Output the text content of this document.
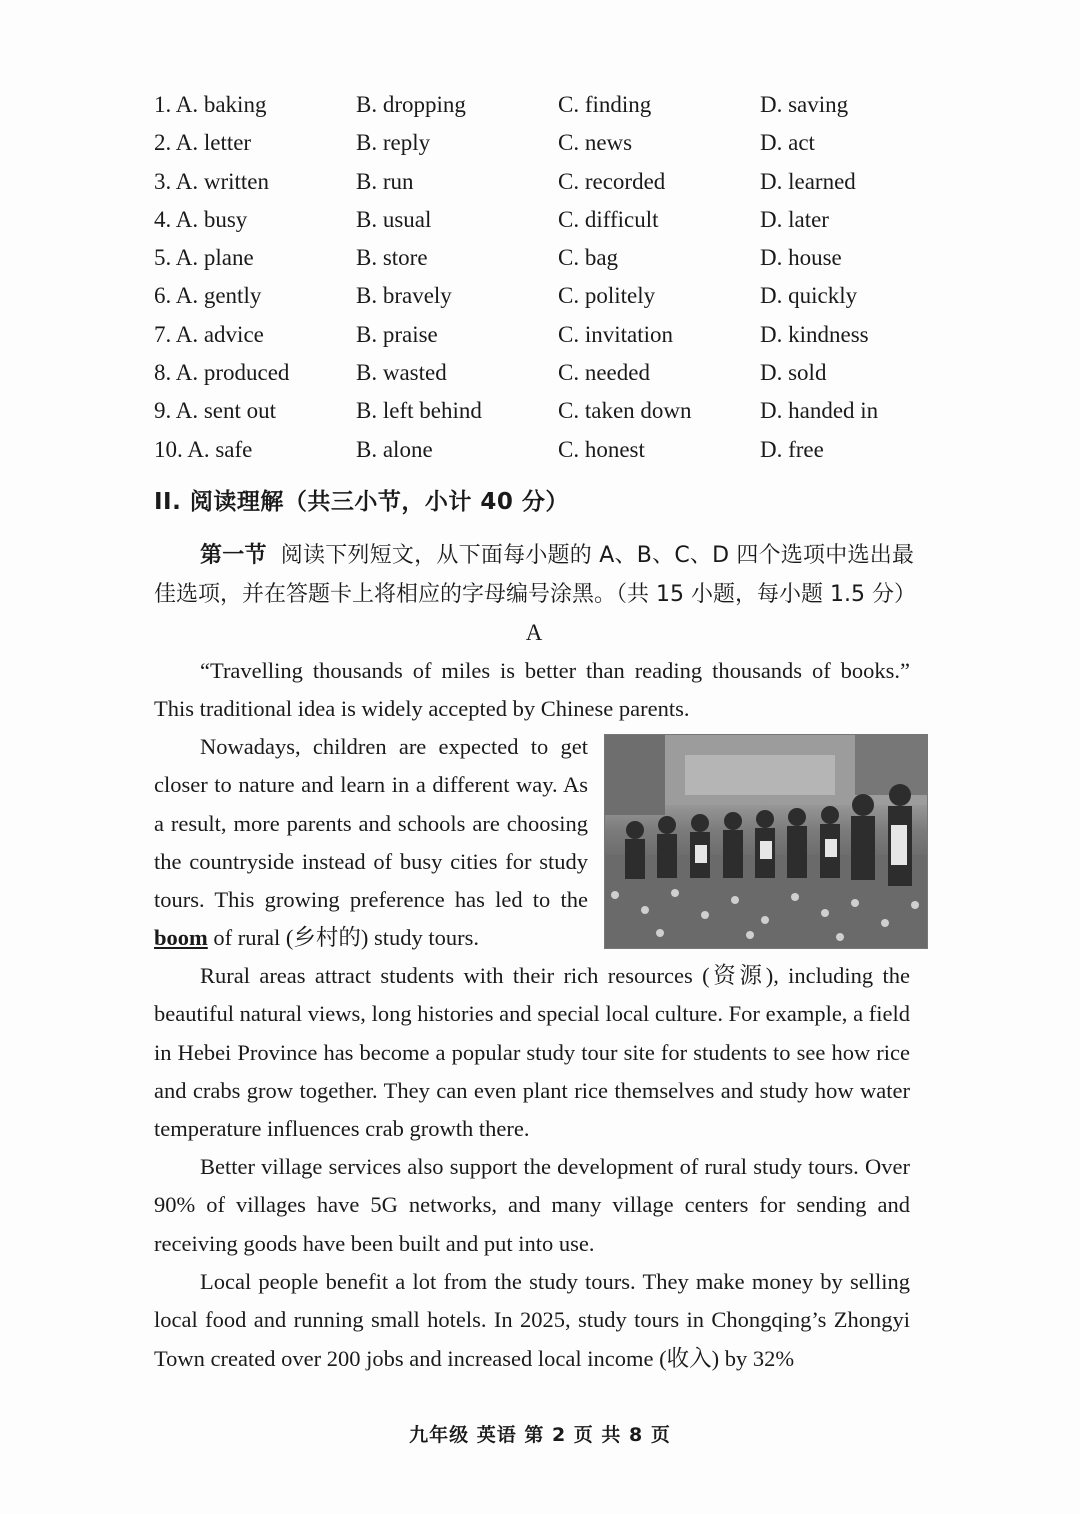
1. A. baking	B. dropping	C. finding	D. saving
2. A. letter	B. reply	C. news	D. act
3. A. written	B. run	C. recorded	D. learned
4. A. busy	B. usual	C. difficult	D. later
5. A. plane	B. store	C. bag	D. house
6. A. gently	B. bravely	C. politely	D. quickly
7. A. advice	B. praise	C. invitation	D. kindness
8. A. produced	B. wasted	C. needed	D. sold
9. A. sent out	B. left behind	C. taken down	D. handed in
10. A. safe	B. alone	C. honest	D. free
II. 阅读理解（共三小节，小计 40 分）
第一节 阅读下列短文，从下面每小题的 A、B、C、D 四个选项中选出最佳选项，并在答题卡上将相应的字母编号涂黑。（共 15 小题，每小题 1.5 分）
A
“Travelling thousands of miles is better than reading thousands of books.”
This traditional idea is widely accepted by Chinese parents.
Nowadays, children are expected to get closer to nature and learn in a different way. As a result, more parents and schools are choosing the countryside instead of busy cities for study tours. This growing preference has led to the boom of rural (乡村的) study tours.
Rural areas attract students with their rich resources (资源), including the beautiful natural views, long histories and special local culture. For example, a field in Hebei Province has become a popular study tour site for students to see how rice and crabs grow together. They can even plant rice themselves and study how water temperature influences crab growth there.
Better village services also support the development of rural study tours. Over 90% of villages have 5G networks, and many village centers for sending and receiving goods have been built and put into use.
Local people benefit a lot from the study tours. They make money by selling local food and running small hotels. In 2025, study tours in Chongqing’s Zhongyi Town created over 200 jobs and increased local income (收入) by 32%
九年级 英语 第 2 页 共 8 页
